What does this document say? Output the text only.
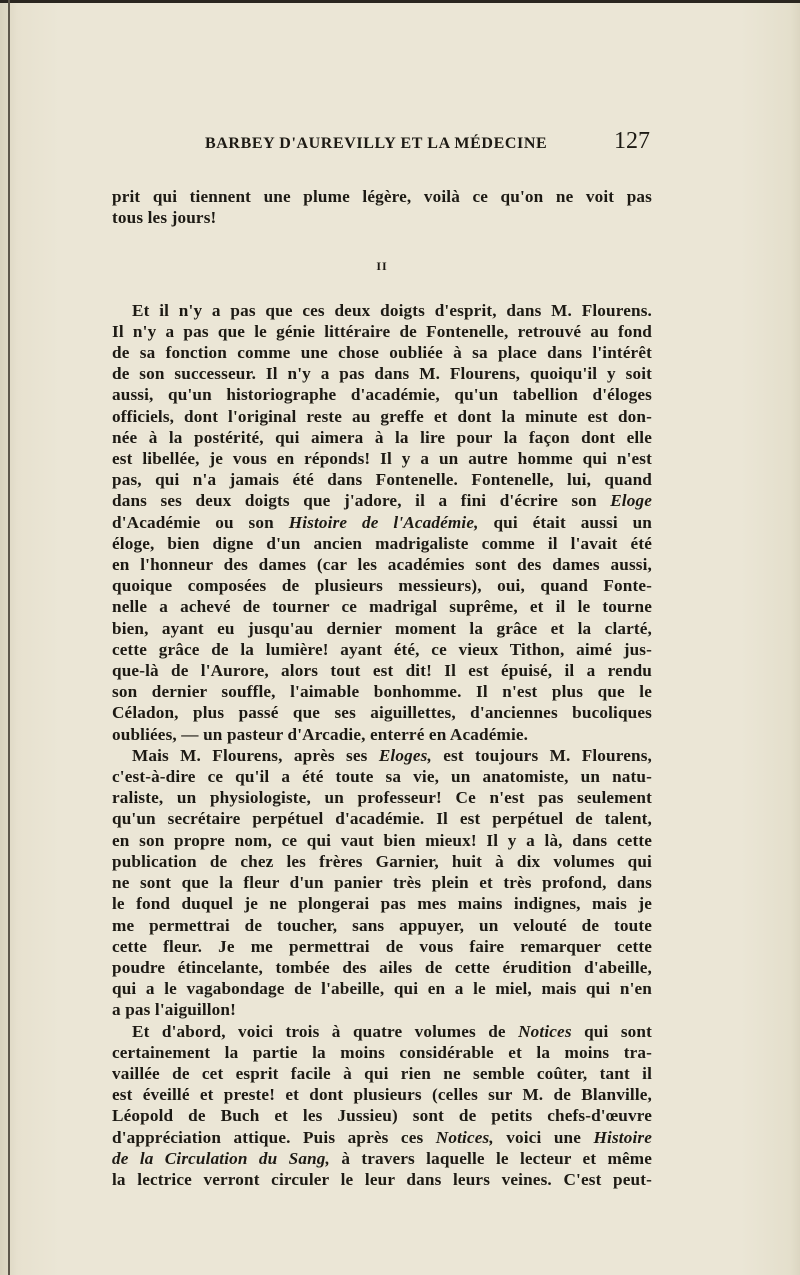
BARBEY D'AUREVILLY ET LA MÉDECINE	127
prit qui tiennent une plume légère, voilà ce qu'on ne voit pas
tous les jours!
II
Et il n'y a pas que ces deux doigts d'esprit, dans M. Flourens.
Il n'y a pas que le génie littéraire de Fontenelle, retrouvé au fond
de sa fonction comme une chose oubliée à sa place dans l'intérêt
de son successeur. Il n'y a pas dans M. Flourens, quoiqu'il y soit
aussi, qu'un historiographe d'académie, qu'un tabellion d'éloges
officiels, dont l'original reste au greffe et dont la minute est don-
née à la postérité, qui aimera à la lire pour la façon dont elle
est libellée, je vous en réponds! Il y a un autre homme qui n'est
pas, qui n'a jamais été dans Fontenelle. Fontenelle, lui, quand
dans ses deux doigts que j'adore, il a fini d'écrire son Eloge
d'Académie ou son Histoire de l'Académie, qui était aussi un
éloge, bien digne d'un ancien madrigaliste comme il l'avait été
en l'honneur des dames (car les académies sont des dames aussi,
quoique composées de plusieurs messieurs), oui, quand Fonte-
nelle a achevé de tourner ce madrigal suprême, et il le tourne
bien, ayant eu jusqu'au dernier moment la grâce et la clarté,
cette grâce de la lumière! ayant été, ce vieux Tithon, aimé jus-
que-là de l'Aurore, alors tout est dit! Il est épuisé, il a rendu
son dernier souffle, l'aimable bonhomme. Il n'est plus que le
Céladon, plus passé que ses aiguillettes, d'anciennes bucoliques
oubliées, — un pasteur d'Arcadie, enterré en Académie.
Mais M. Flourens, après ses Eloges, est toujours M. Flourens,
c'est-à-dire ce qu'il a été toute sa vie, un anatomiste, un natu-
raliste, un physiologiste, un professeur! Ce n'est pas seulement
qu'un secrétaire perpétuel d'académie. Il est perpétuel de talent,
en son propre nom, ce qui vaut bien mieux! Il y a là, dans cette
publication de chez les frères Garnier, huit à dix volumes qui
ne sont que la fleur d'un panier très plein et très profond, dans
le fond duquel je ne plongerai pas mes mains indignes, mais je
me permettrai de toucher, sans appuyer, un velouté de toute
cette fleur. Je me permettrai de vous faire remarquer cette
poudre étincelante, tombée des ailes de cette érudition d'abeille,
qui a le vagabondage de l'abeille, qui en a le miel, mais qui n'en
a pas l'aiguillon!
Et d'abord, voici trois à quatre volumes de Notices qui sont
certainement la partie la moins considérable et la moins tra-
vaillée de cet esprit facile à qui rien ne semble coûter, tant il
est éveillé et preste! et dont plusieurs (celles sur M. de Blanville,
Léopold de Buch et les Jussieu) sont de petits chefs-d'œuvre
d'appréciation attique. Puis après ces Notices, voici une Histoire
de la Circulation du Sang, à travers laquelle le lecteur et même
la lectrice verront circuler le leur dans leurs veines. C'est peut-
